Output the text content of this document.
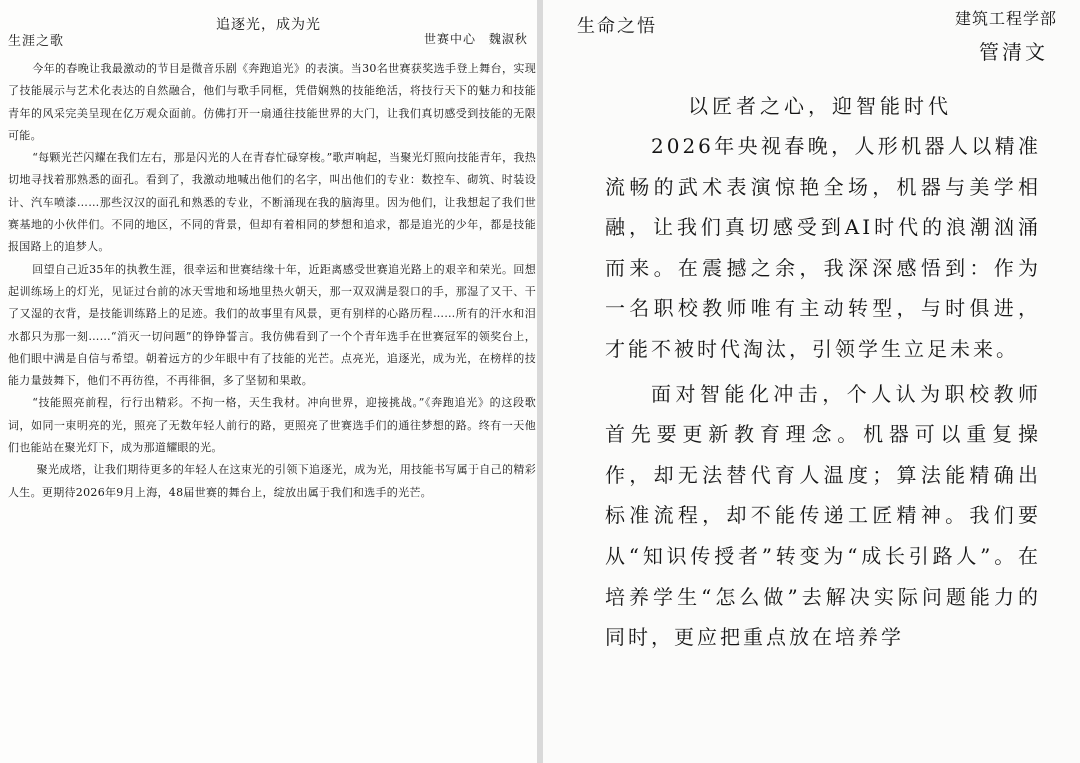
追逐光，成为光
生涯之歌	世赛中心 魏淑秋

今年的春晚让我最激动的节目是微音乐剧《奔跑追光》的表演。当30名世赛获奖选手登上舞台，实现了技能展示与艺术化表达的自然融合，他们与歌手同框，凭借娴熟的技能绝活，将技行天下的魅力和技能青年的风采完美呈现在亿万观众面前。仿佛打开一扇通往技能世界的大门，让我们真切感受到技能的无限可能。

“每颗光芒闪耀在我们左右，那是闪光的人在青春忙碌穿梭。”歌声响起，当聚光灯照向技能青年，我热切地寻找着那熟悉的面孔。看到了，我激动地喊出他们的名字，叫出他们的专业：数控车、砌筑、时装设计、汽车喷漆……那些汉汉的面孔和熟悉的专业，不断涌现在我的脑海里。因为他们，让我想起了我们世赛基地的小伙伴们。不同的地区，不同的背景，但却有着相同的梦想和追求，都是追光的少年，都是技能报国路上的追梦人。

回望自己近35年的执教生涯，很幸运和世赛结缘十年，近距离感受世赛追光路上的艰辛和荣光。回想起训练场上的灯光，见证过台前的冰天雪地和场地里热火朝天，那一双双满是裂口的手，那湿了又干、干了又湿的衣背，是技能训练路上的足迹。我们的故事里有风景，更有别样的心路历程……所有的汗水和泪水都只为那一刻……“消灭一切问题”的铮铮誓言。我仿佛看到了一个个青年选手在世赛冠军的领奖台上，他们眼中满是自信与希望。朝着远方的少年眼中有了技能的光芒。点亮光，追逐光，成为光，在榜样的技能力量鼓舞下，他们不再彷徨，不再徘徊，多了坚韧和果敢。

“技能照亮前程，行行出精彩。不拘一格，天生我材。冲向世界，迎接挑战。”《奔跑追光》的这段歌词，如同一束明亮的光，照亮了无数年轻人前行的路，更照亮了世赛选手们的通往梦想的路。终有一天他们也能站在聚光灯下，成为那道耀眼的光。

聚光成塔，让我们期待更多的年轻人在这束光的引领下追逐光，成为光，用技能书写属于自己的精彩人生。更期待2026年9月上海，48届世赛的舞台上，绽放出属于我们和选手的光芒。

生命之悟	建筑工程学部
管清文
以匠者之心，迎智能时代

2026年央视春晚，人形机器人以精准流畅的武术表演惊艳全场，机器与美学相融，让我们真切感受到AI时代的浪潮汹涌而来。在震撼之余，我深深感悟到：作为一名职校教师唯有主动转型，与时俱进，才能不被时代淘汰，引领学生立足未来。

面对智能化冲击，个人认为职校教师首先要更新教育理念。机器可以重复操作，却无法替代育人温度；算法能精确出标准流程，却不能传递工匠精神。我们要从“知识传授者”转变为“成长引路人”。在培养学生“怎么做”去解决实际问题能力的同时，更应把重点放在培养学
